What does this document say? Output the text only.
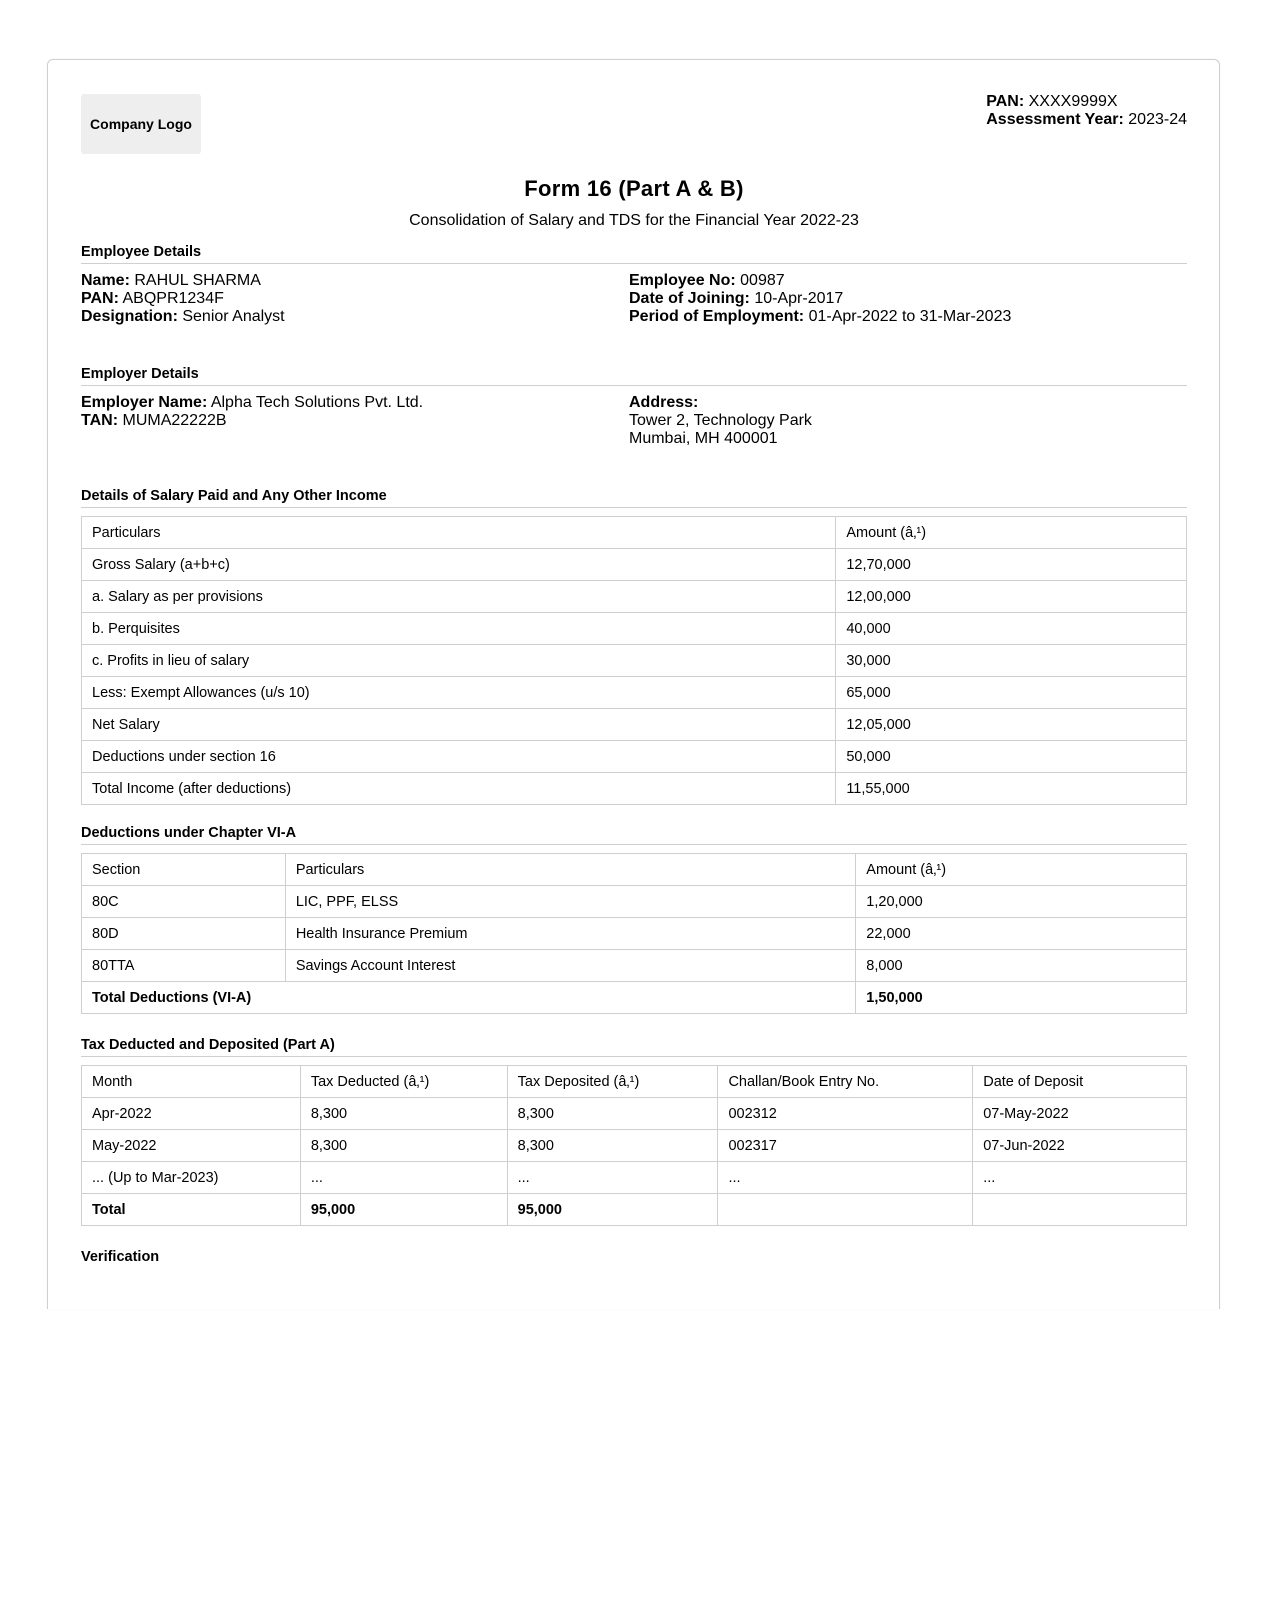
Company Logo
PAN: XXXX9999X
Assessment Year: 2023-24
Form 16 (Part A & B)
Consolidation of Salary and TDS for the Financial Year 2022-23
Employee Details
Name: RAHUL SHARMA
PAN: ABQPR1234F
Designation: Senior Analyst
Employee No: 00987
Date of Joining: 10-Apr-2017
Period of Employment: 01-Apr-2022 to 31-Mar-2023
Employer Details
Employer Name: Alpha Tech Solutions Pvt. Ltd.
TAN: MUMA22222B
Address:
Tower 2, Technology Park
Mumbai, MH 400001
Details of Salary Paid and Any Other Income
Particulars	Amount (â‚¹)
Gross Salary (a+b+c)	12,70,000
a. Salary as per provisions	12,00,000
b. Perquisites	40,000
c. Profits in lieu of salary	30,000
Less: Exempt Allowances (u/s 10)	65,000
Net Salary	12,05,000
Deductions under section 16	50,000
Total Income (after deductions)	11,55,000
Deductions under Chapter VI-A
Section	Particulars	Amount (â‚¹)
80C	LIC, PPF, ELSS	1,20,000
80D	Health Insurance Premium	22,000
80TTA	Savings Account Interest	8,000
Total Deductions (VI-A)		1,50,000
Tax Deducted and Deposited (Part A)
Month	Tax Deducted (â‚¹)	Tax Deposited (â‚¹)	Challan/Book Entry No.	Date of Deposit
Apr-2022	8,300	8,300	002312	07-May-2022
May-2022	8,300	8,300	002317	07-Jun-2022
... (Up to Mar-2023)	...	...	...	...
Total	95,000	95,000		
Verification
